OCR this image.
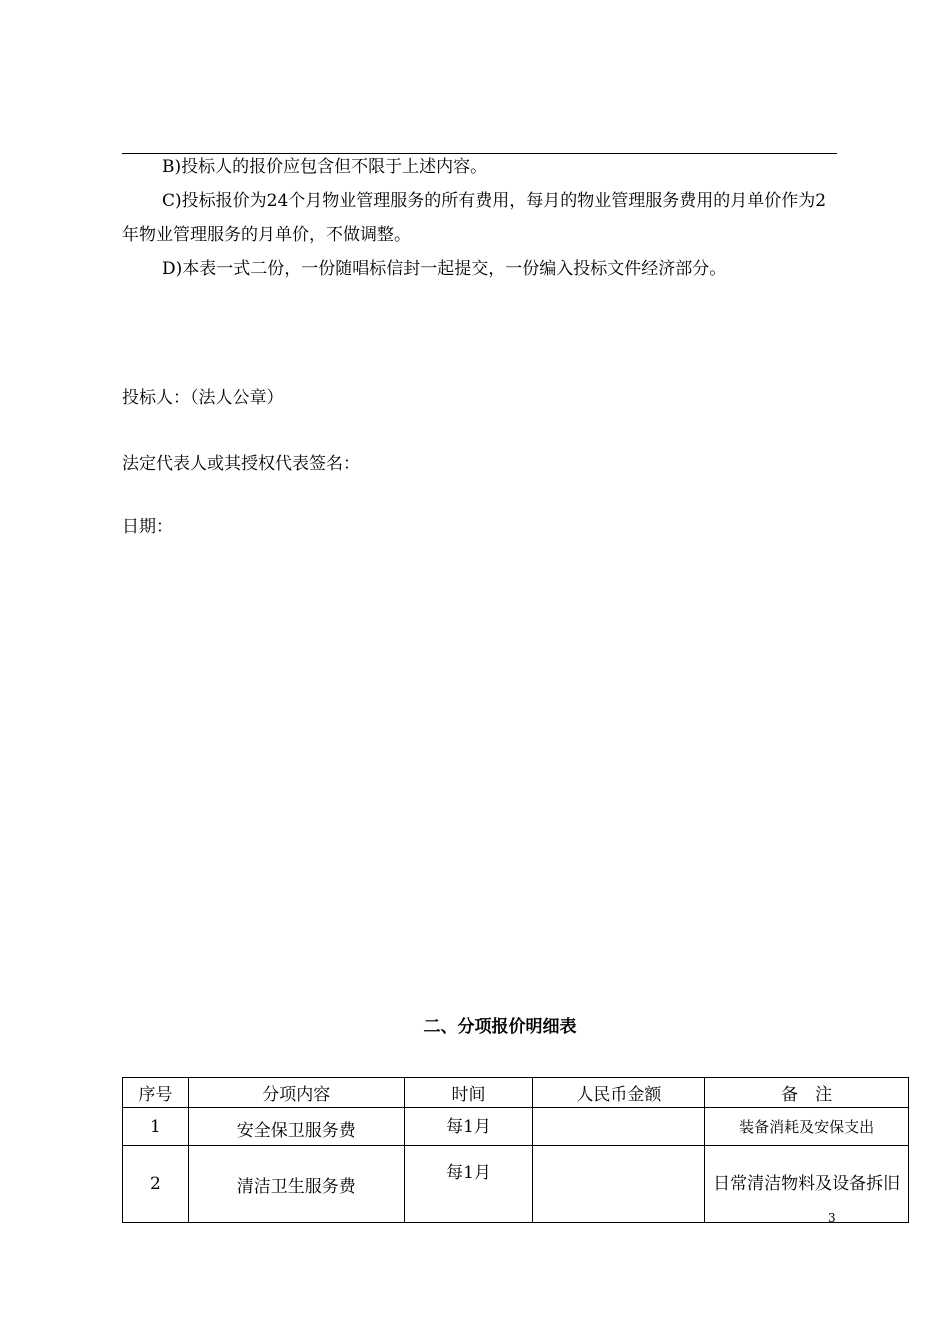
B)投标人的报价应包含但不限于上述内容。

C)投标报价为24个月物业管理服务的所有费用，每月的物业管理服务费用的月单价作为2年物业管理服务的月单价，不做调整。

D)本表一式二份，一份随唱标信封一起提交，一份编入投标文件经济部分。

投标人：（法人公章）

法定代表人或其授权代表签名：

日期：

二、分项报价明细表

序号	分项内容	时间	人民币金额	备　注
1	安全保卫服务费	每1月		装备消耗及安保支出
2	清洁卫生服务费	每1月		日常清洁物料及设备拆旧

3
